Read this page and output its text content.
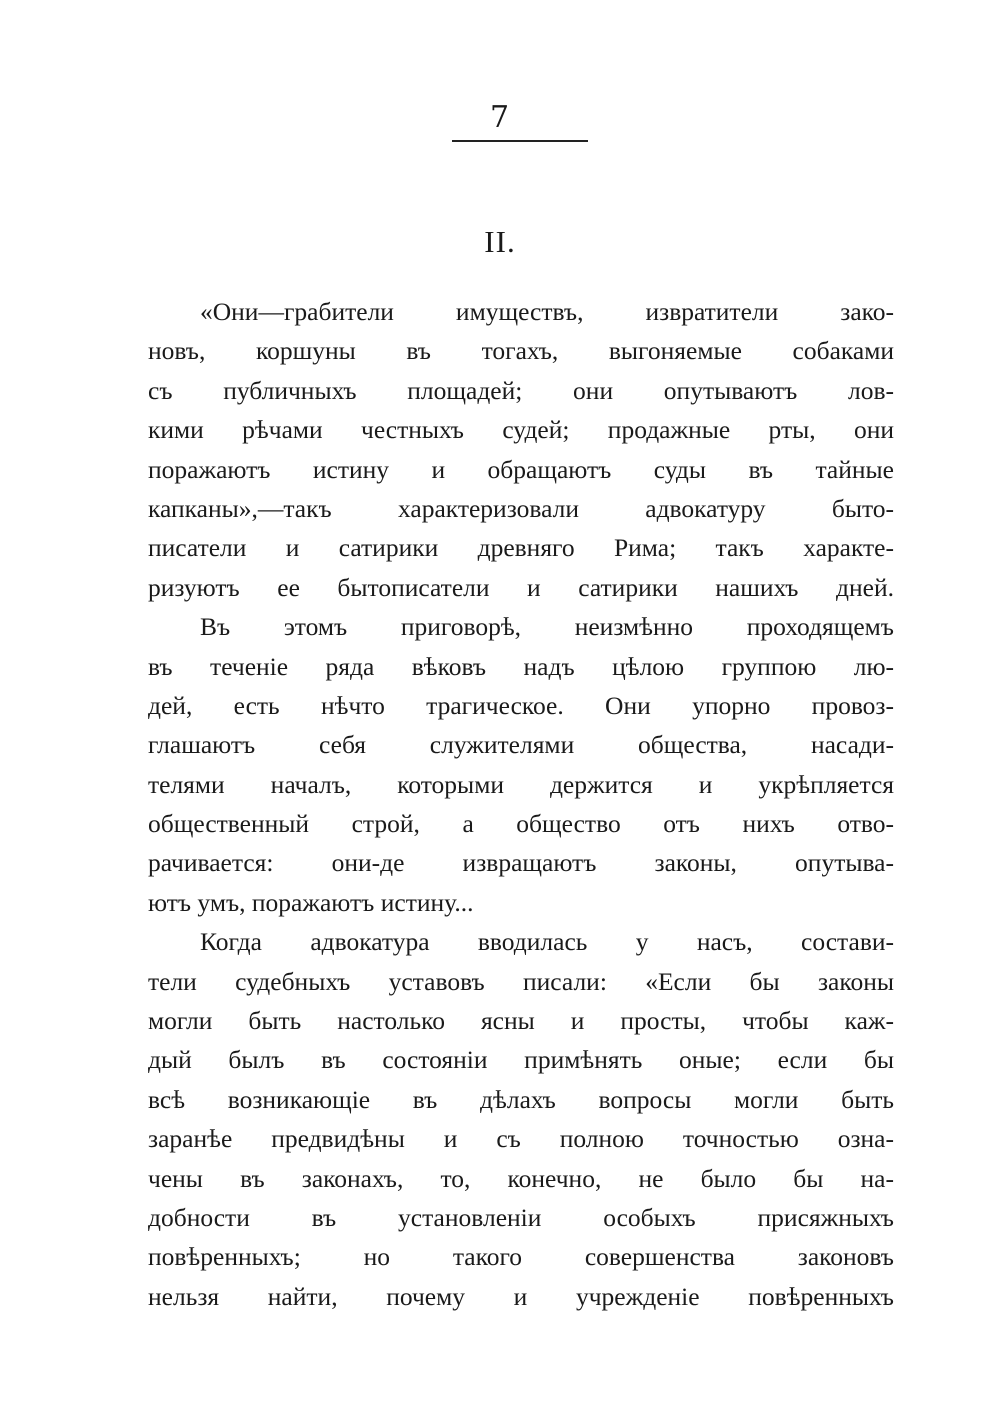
7
II.
«Они—грабители имуществъ, извратители зако-
новъ, коршуны въ тогахъ, выгоняемые собаками
съ публичныхъ площадей; они опутываютъ лов-
кими рѣчами честныхъ судей; продажные рты, они
поражаютъ истину и обращаютъ суды въ тайные
капканы»,—такъ характеризовали адвокатуру быто-
писатели и сатирики древняго Рима; такъ характе-
ризуютъ ее бытописатели и сатирики нашихъ дней.
Въ этомъ приговорѣ, неизмѣнно проходящемъ
въ теченіе ряда вѣковъ надъ цѣлою группою лю-
дей, есть нѣчто трагическое. Они упорно провоз-
глашаютъ себя служителями общества, насади-
телями началъ, которыми держится и укрѣпляется
общественный строй, а общество отъ нихъ отво-
рачивается: они-де извращаютъ законы, опутыва-
ютъ умъ, поражаютъ истину...
Когда адвокатура вводилась у насъ, состави-
тели судебныхъ уставовъ писали: «Если бы законы
могли быть настолько ясны и просты, чтобы каж-
дый былъ въ состояніи примѣнять оные; если бы
всѣ возникающіе въ дѣлахъ вопросы могли быть
заранѣе предвидѣны и съ полною точностью озна-
чены въ законахъ, то, конечно, не было бы на-
добности въ установленіи особыхъ присяжныхъ
повѣренныхъ; но такого совершенства законовъ
нельзя найти, почему и учрежденіе повѣренныхъ
